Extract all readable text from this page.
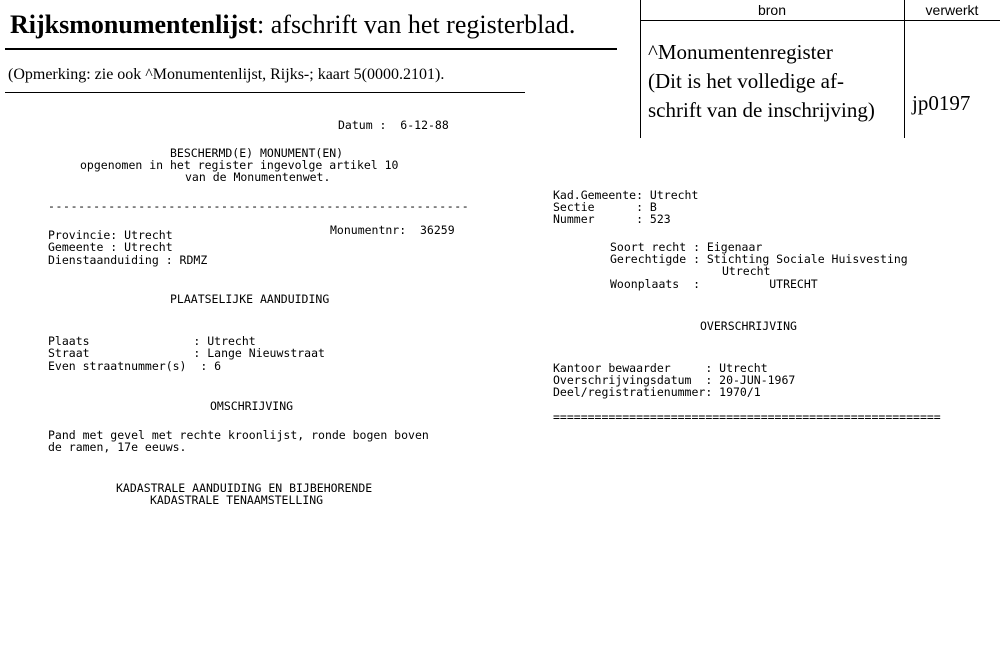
Rijksmonumentenlijst: afschrift van het registerblad.
(Opmerking: zie ook ^Monumentenlijst, Rijks-; kaart 5(0000.2101).
bron	verwerkt
^Monumentenregister
(Dit is het volledige af-
schrift van de inschrijving) jp0197
Datum :  6-12-88
BESCHERMD(E) MONUMENT(EN)
opgenomen in het register ingevolge artikel 10
van de Monumentenwet.
--------------------------------------------------------
Provincie: Utrecht	Monumentnr:  36259
Gemeente : Utrecht
Dienstaanduiding : RDMZ
PLAATSELIJKE AANDUIDING
Plaats               : Utrecht
Straat               : Lange Nieuwstraat
Even straatnummer(s)  : 6
OMSCHRIJVING
Pand met gevel met rechte kroonlijst, ronde bogen boven
de ramen, 17e eeuws.
KADASTRALE AANDUIDING EN BIJBEHORENDE
KADASTRALE TENAAMSTELLING
Kad.Gemeente: Utrecht
Sectie      : B
Nummer      : 523
Soort recht : Eigenaar
Gerechtigde : Stichting Sociale Huisvesting
Utrecht
Woonplaats  :          UTRECHT
OVERSCHRIJVING
Kantoor bewaarder     : Utrecht
Overschrijvingsdatum  : 20-JUN-1967
Deel/registratienummer: 1970/1
========================================================
